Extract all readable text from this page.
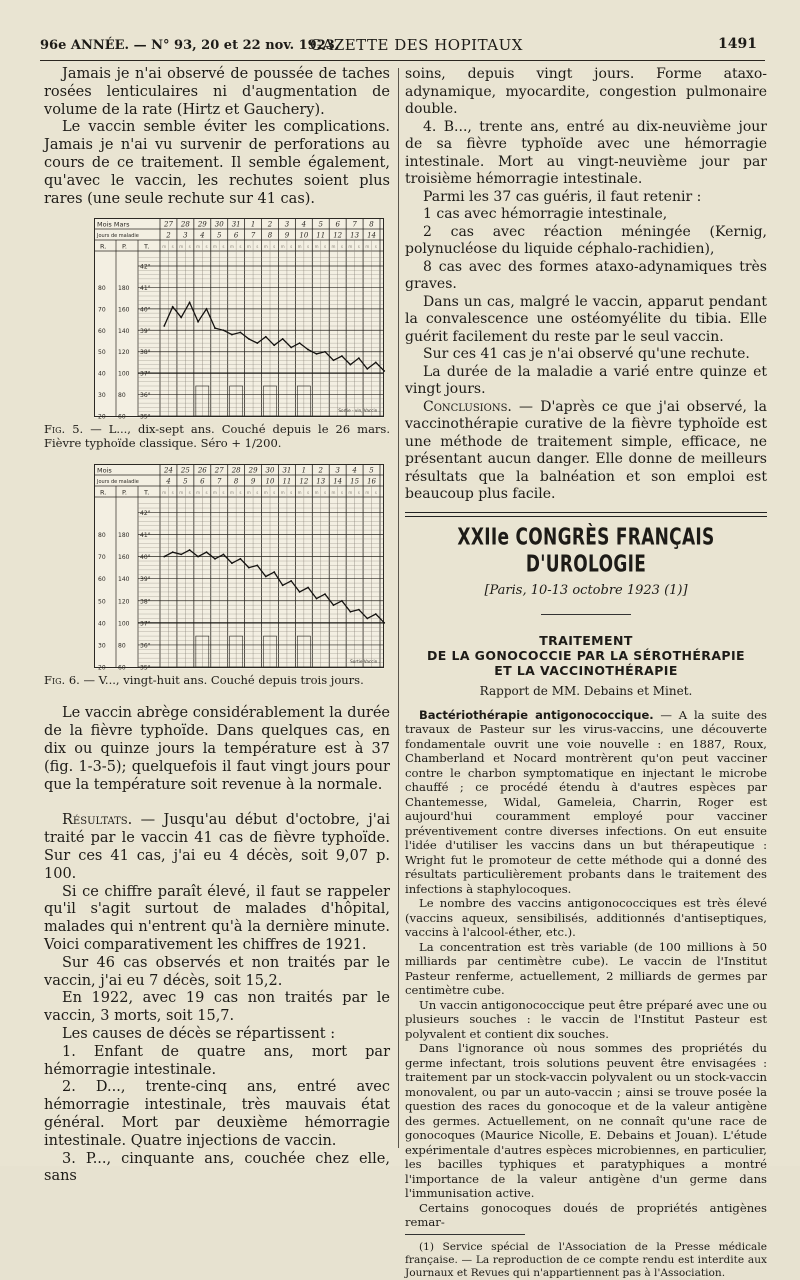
96e ANNÉE. — N° 93, 20 et 22 nov. 1923.
GAZETTE DES HOPITAUX	1491

Jamais je n'ai observé de poussée de taches rosées lenticulaires ni d'augmentation de volume de la rate (Hirtz et Gauchery).

Le vaccin semble éviter les complications. Jamais je n'ai vu survenir de perforations au cours de ce traitement. Il semble également, qu'avec le vaccin, les rechutes soient plus rares (une seule rechute sur 41 cas).

Mois Mars
Jours de maladie
R. P.	T.
27
2
m s
28
3
m s
29
4
m s
30
5
m s
31
6
m s
1
7
m s
2
8
m s
3
9
m s
4
10
m s
5
11
m s
6
12
m s
7
13
m s
8
14
m s
42°
41°
40°
39°
38°
37°
36°
35°
180
160
140
120
100
80
60
80
70
60
50
40
30
20
Sortie - vin, Vaccin..

Fig. 5. — L..., dix-sept ans. Couché depuis le 26 mars. Fièvre typhoïde classique. Séro + 1/200.

Mois
Jours de maladie
R. P.	T.
24
4
m s
25
5
m s
26
6
m s
27
7
m s
28
8
m s
29
9
m s
30
10
m s
31
11
m s
1
12
m s
2
13
m s
3
14
m s
4
15
m s
5
16
m s
42°
41°
40°
39°
38°
37°
36°
35°
180
160
140
120
100
80
60
80
70
60
50
40
30
20
Sortie Vaccin..

Fig. 6. — V..., vingt-huit ans. Couché depuis trois jours.

Le vaccin abrège considérablement la durée de la fièvre typhoïde. Dans quelques cas, en dix ou quinze jours la température est à 37 (fig. 1-3-5); quelquefois il faut vingt jours pour que la température soit revenue à la normale.

Résultats. — Jusqu'au début d'octobre, j'ai traité par le vaccin 41 cas de fièvre typhoïde. Sur ces 41 cas, j'ai eu 4 décès, soit 9,07 p. 100.

Si ce chiffre paraît élevé, il faut se rappeler qu'il s'agit surtout de malades d'hôpital, malades qui n'entrent qu'à la dernière minute. Voici comparativement les chiffres de 1921.

Sur 46 cas observés et non traités par le vaccin, j'ai eu 7 décès, soit 15,2.

En 1922, avec 19 cas non traités par le vaccin, 3 morts, soit 15,7.

Les causes de décès se répartissent :

1. Enfant de quatre ans, mort par hémorragie intestinale.

2. D..., trente-cinq ans, entré avec hémorragie intestinale, très mauvais état général. Mort par deuxième hémorragie intestinale. Quatre injections de vaccin.

3. P..., cinquante ans, couchée chez elle, sans

soins, depuis vingt jours. Forme ataxo-adynamique, myocardite, congestion pulmonaire double.

4. B..., trente ans, entré au dix-neuvième jour de sa fièvre typhoïde avec une hémorragie intestinale. Mort au vingt-neuvième jour par troisième hémorragie intestinale.

Parmi les 37 cas guéris, il faut retenir :

1 cas avec hémorragie intestinale,

2 cas avec réaction méningée (Kernig, polynucléose du liquide céphalo-rachidien),

8 cas avec des formes ataxo-adynamiques très graves.

Dans un cas, malgré le vaccin, apparut pendant la convalescence une ostéomyélite du tibia. Elle guérit facilement du reste par le seul vaccin.

Sur ces 41 cas je n'ai observé qu'une rechute.

La durée de la maladie a varié entre quinze et vingt jours.

Conclusions. — D'après ce que j'ai observé, la vaccinothérapie curative de la fièvre typhoïde est une méthode de traitement simple, efficace, ne présentant aucun danger. Elle donne de meilleurs résultats que la balnéation et son emploi est beaucoup plus facile.

XXIIe CONGRÈS FRANÇAIS D'UROLOGIE
[Paris, 10-13 octobre 1923 (1)]
TRAITEMENT
DE LA GONOCOCCIE PAR LA SÉROTHÉRAPIE
ET LA VACCINOTHÉRAPIE
Rapport de MM. Debains et Minet.

Bactériothérapie antigonococcique. — A la suite des travaux de Pasteur sur les virus-vaccins, une découverte fondamentale ouvrit une voie nouvelle : en 1887, Roux, Chamberland et Nocard montrèrent qu'on peut vacciner contre le charbon symptomatique en injectant le microbe chauffé ; ce procédé étendu à d'autres espèces par Chantemesse, Widal, Gameleia, Charrin, Roger est aujourd'hui couramment employé pour vacciner préventivement contre diverses infections. On eut ensuite l'idée d'utiliser les vaccins dans un but thérapeutique : Wright fut le promoteur de cette méthode qui a donné des résultats particulièrement probants dans le traitement des infections à staphylocoques.

Le nombre des vaccins antigonococciques est très élevé (vaccins aqueux, sensibilisés, additionnés d'antiseptiques, vaccins à l'alcool-éther, etc.).

La concentration est très variable (de 100 millions à 50 milliards par centimètre cube). Le vaccin de l'Institut Pasteur renferme, actuellement, 2 milliards de germes par centimètre cube.

Un vaccin antigonococcique peut être préparé avec une ou plusieurs souches : le vaccin de l'Institut Pasteur est polyvalent et contient dix souches.

Dans l'ignorance où nous sommes des propriétés du germe infectant, trois solutions peuvent être envisagées : traitement par un stock-vaccin polyvalent ou un stock-vaccin monovalent, ou par un auto-vaccin ; ainsi se trouve posée la question des races du gonocoque et de la valeur antigène des germes. Actuellement, on ne connaît qu'une race de gonocoques (Maurice Nicolle, E. Debains et Jouan). L'étude expérimentale d'autres espèces microbiennes, en particulier, les bacilles typhiques et paratyphiques a montré l'importance de la valeur antigène d'un germe dans l'immunisation active.

Certains gonocoques doués de propriétés antigènes remar-

(1) Service spécial de l'Association de la Presse médicale française. — La reproduction de ce compte rendu est interdite aux Journaux et Revues qui n'appartiennent pas à l'Association.
